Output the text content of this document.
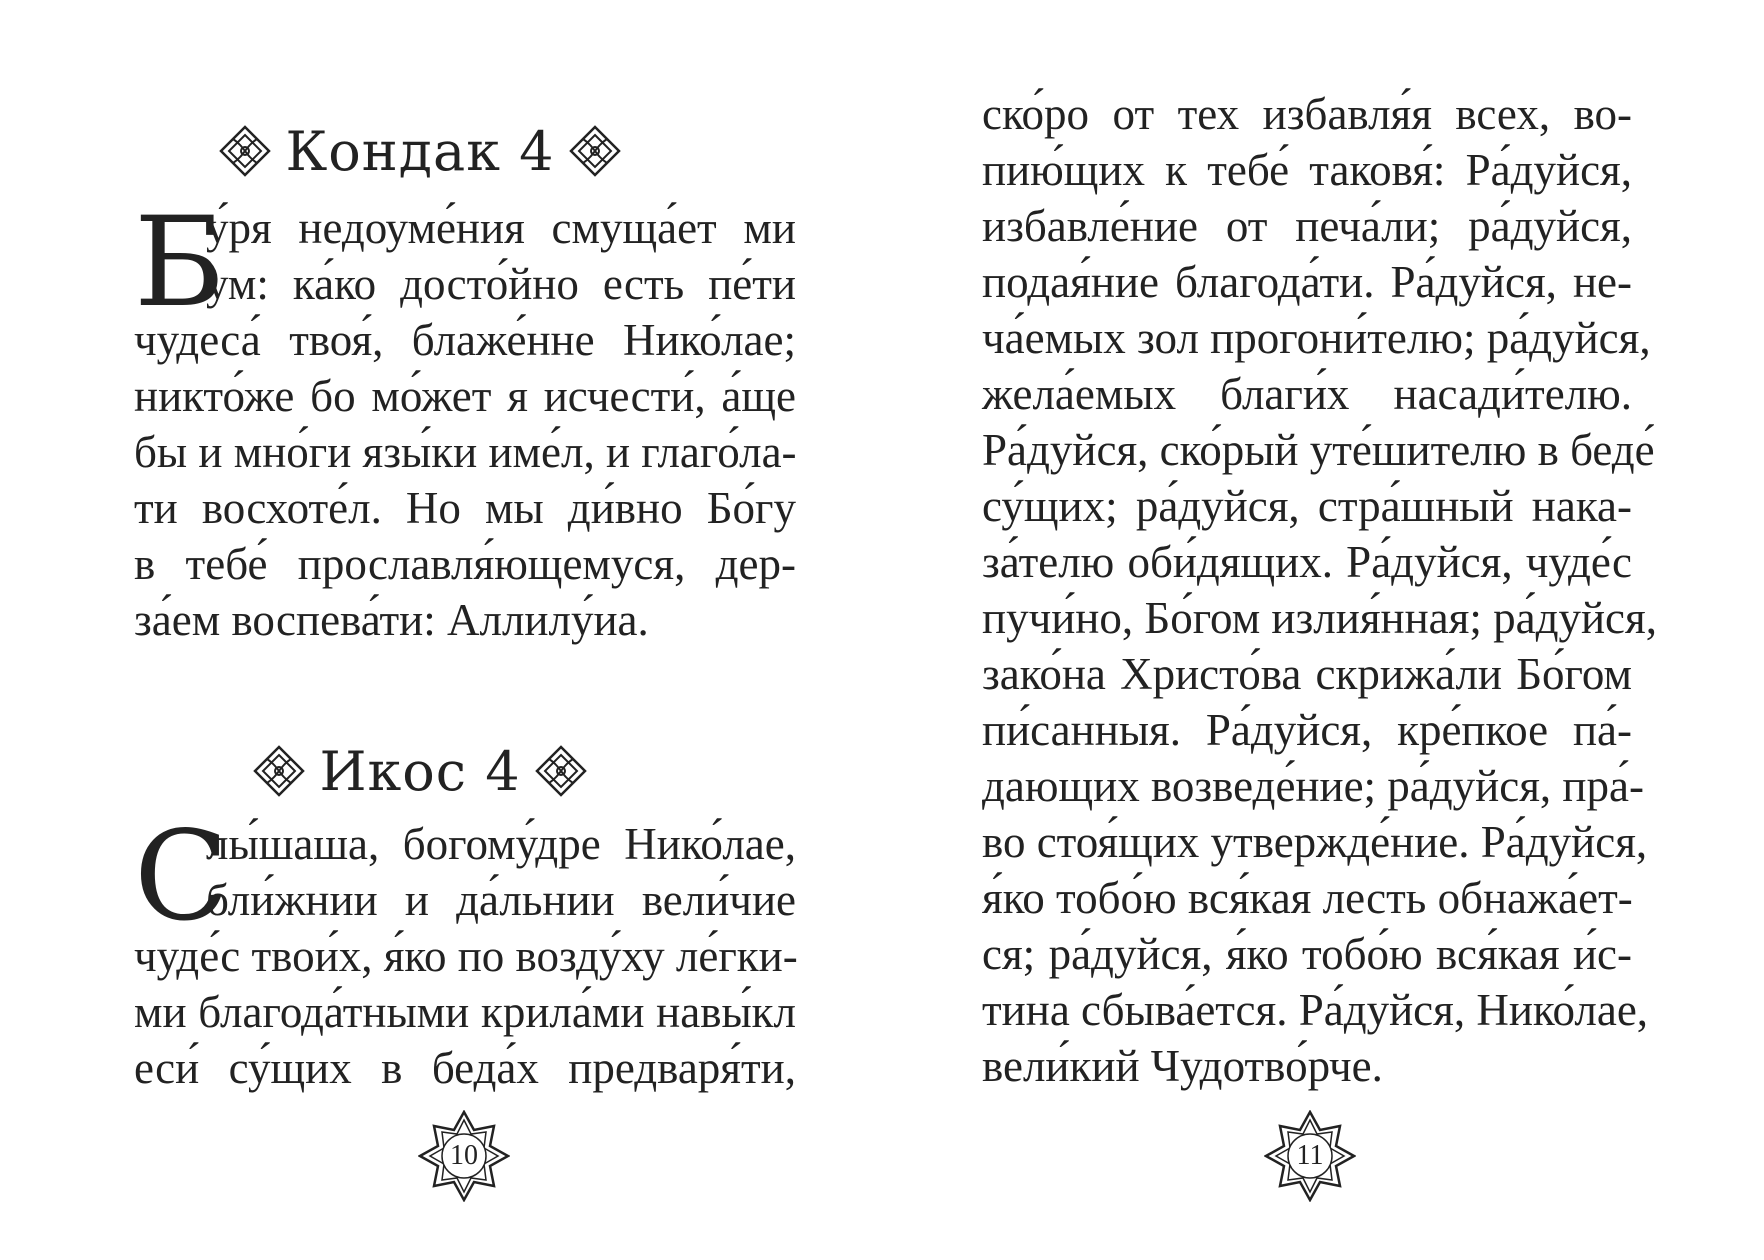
Кондак 4
Б
у́ря недоуме́ния смуща́ет ми
ум: ка́ко досто́йно есть пе́ти
чудеса́ твоя́, блаже́нне Нико́лае;
никто́же бо мо́жет я исчести́, а́ще
бы и мно́ги язы́ки име́л, и глаго́ла-
ти восхоте́л. Но мы ди́вно Бо́гу
в тебе́ прославля́ющемуся, дер-
за́ем воспева́ти: Аллилу́иа.
Икос 4
С
лы́шаша, богому́дре Нико́лае,
бли́жнии и да́льнии вели́чие
чуде́с твои́х, я́ко по возду́ху ле́гки-
ми благода́тными крила́ми навы́кл
еси́ су́щих в беда́х предваря́ти,
10
ско́ро от тех избавля́я всех, во-
пию́щих к тебе́ таковя́: Ра́дуйся,
избавле́ние от печа́ли; ра́дуйся,
подая́ние благода́ти. Ра́дуйся, не-
ча́емых зол прогони́телю; ра́дуйся,
жела́емых благи́х насади́телю.
Ра́дуйся, ско́рый уте́шителю в беде́
су́щих; ра́дуйся, стра́шный нака-
за́телю оби́дящих. Ра́дуйся, чуде́с
пучи́но, Бо́гом излия́нная; ра́дуйся,
зако́на Христо́ва скрижа́ли Бо́гом
пи́санныя. Ра́дуйся, кре́пкое па́-
дающих возведе́ние; ра́дуйся, пра́-
во стоя́щих утвержде́ние. Ра́дуйся,
я́ко тобо́ю вся́кая лесть обнажа́ет-
ся; ра́дуйся, я́ко тобо́ю вся́кая и́с-
тина сбыва́ется. Ра́дуйся, Нико́лае,
вели́кий Чудотво́рче.
11
